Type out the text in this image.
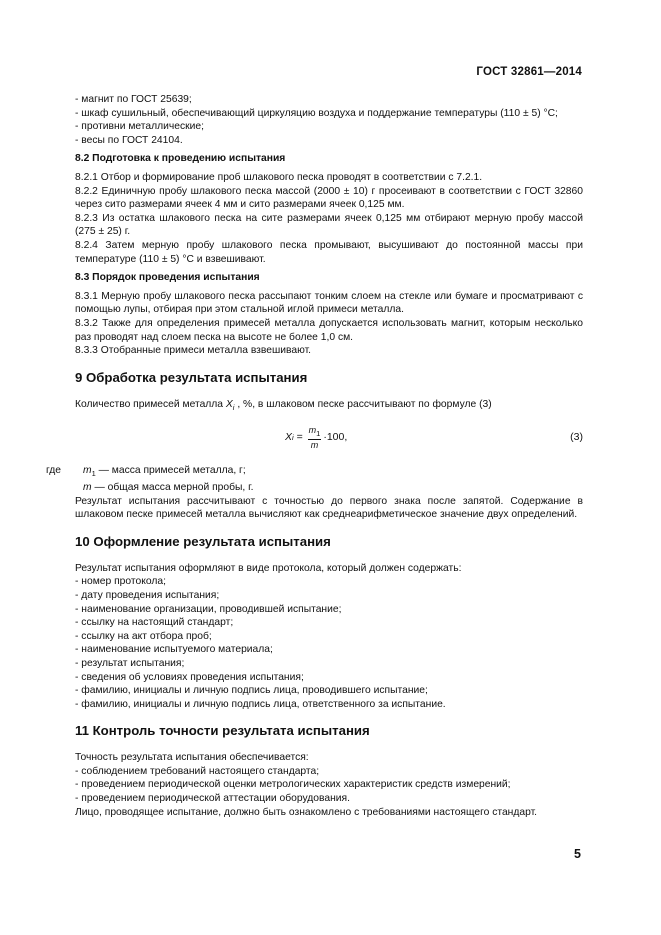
ГОСТ 32861—2014

- магнит по ГОСТ 25639;

- шкаф сушильный, обеспечивающий циркуляцию воздуха и поддержание температуры (110 ± 5) °С;

- противни металлические;

- весы по ГОСТ 24104.

8.2 Подготовка к проведению испытания

8.2.1 Отбор и формирование проб шлакового песка проводят в соответствии с 7.2.1.

8.2.2 Единичную пробу шлакового песка массой (2000 ± 10) г просеивают в соответствии с ГОСТ 32860 через сито размерами ячеек 4 мм и сито размерами ячеек 0,125 мм.

8.2.3 Из остатка шлакового песка на сите размерами ячеек 0,125 мм отбирают мерную пробу массой (275 ± 25) г.

8.2.4 Затем мерную пробу шлакового песка промывают, высушивают до постоянной массы при температуре (110 ± 5) °С и взвешивают.

8.3 Порядок проведения испытания

8.3.1 Мерную пробу шлакового песка рассыпают тонким слоем на стекле или бумаге и просматривают с помощью лупы, отбирая при этом стальной иглой примеси металла.

8.3.2 Также для определения примесей металла допускается использовать магнит, которым несколько раз проводят над слоем песка на высоте не более 1,0 см.

8.3.3 Отобранные примеси металла взвешивают.

9 Обработка результата испытания

Количество примесей металла $X_i$ , %, в шлаковом песке рассчитывают по формуле (3)

X $i = \frac{m_1}{m} \cdot 100$,	(3)

где $m_1$ — масса примесей металла, г;

m — общая масса мерной пробы, г.

Результат испытания рассчитывают с точностью до первого знака после запятой. Содержание в шлаковом песке примесей металла вычисляют как среднеарифметическое значение двух определений.

10 Оформление результата испытания

Результат испытания оформляют в виде протокола, который должен содержать:

- номер протокола;

- дату проведения испытания;

- наименование организации, проводившей испытание;

- ссылку на настоящий стандарт;

- ссылку на акт отбора проб;

- наименование испытуемого материала;

- результат испытания;

- сведения об условиях проведения испытания;

- фамилию, инициалы и личную подпись лица, проводившего испытание;

- фамилию, инициалы и личную подпись лица, ответственного за испытание.

11 Контроль точности результата испытания

Точность результата испытания обеспечивается:

- соблюдением требований настоящего стандарта;

- проведением периодической оценки метрологических характеристик средств измерений;

- проведением периодической аттестации оборудования.

Лицо, проводящее испытание, должно быть ознакомлено с требованиями настоящего стандарт.

5
